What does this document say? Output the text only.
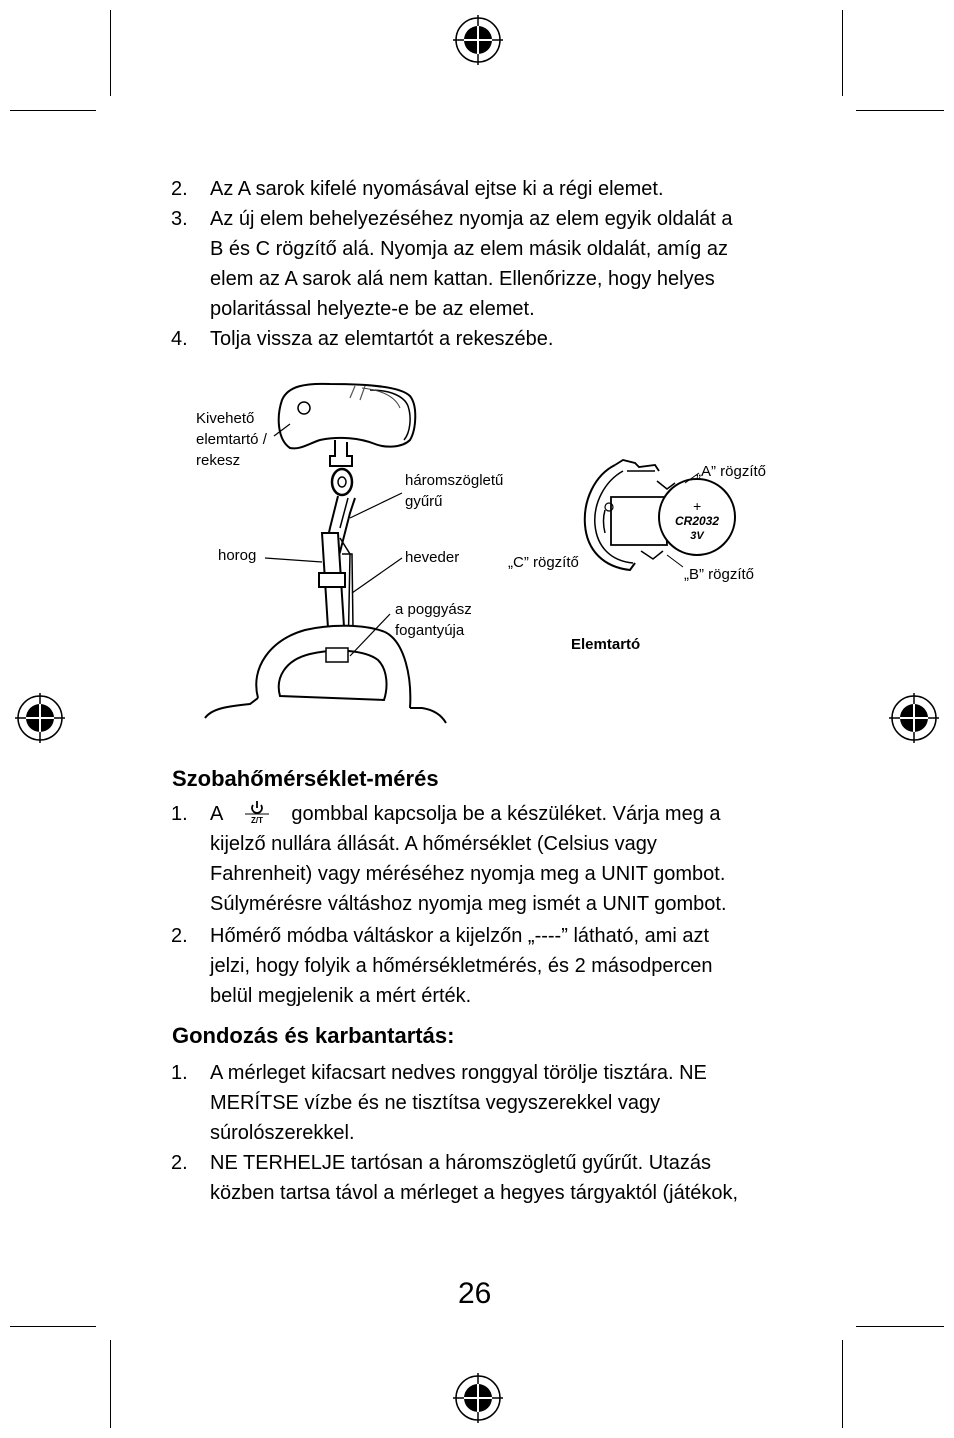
2. Az A sarok kifelé nyomásával ejtse ki a régi elemet.
3. Az új elem behelyezéséhez nyomja az elem egyik oldalát a
B és C rögzítő alá. Nyomja az elem másik oldalát, amíg az
elem az A sarok alá nem kattan. Ellenőrizze, hogy helyes
polaritással helyezte-e be az elemet.
4. Tolja vissza az elemtartót a rekeszébe.
Kivehető
elemtartó /
rekesz
háromszögletű
gyűrű
horog	heveder
a poggyász
fogantyúja
+
CR2032
3V
„A” rögzítő
„C” rögzítő
„B” rögzítő
Elemtartó
Szobahőmérséklet-mérés
1. A	Z/T gombbal kapcsolja be a készüléket. Várja meg a
kijelző nullára állását. A hőmérséklet (Celsius vagy
Fahrenheit) vagy méréséhez nyomja meg a UNIT gombot.
Súlymérésre váltáshoz nyomja meg ismét a UNIT gombot.
2. Hőmérő módba váltáskor a kijelzőn „----” látható, ami azt
jelzi, hogy folyik a hőmérsékletmérés, és 2 másodpercen
belül megjelenik a mért érték.
Gondozás és karbantartás:
1. A mérleget kifacsart nedves ronggyal törölje tisztára. NE
MERÍTSE vízbe és ne tisztítsa vegyszerekkel vagy
súrolószerekkel.
2. NE TERHELJE tartósan a háromszögletű gyűrűt. Utazás
közben tartsa távol a mérleget a hegyes tárgyaktól (játékok,
26
